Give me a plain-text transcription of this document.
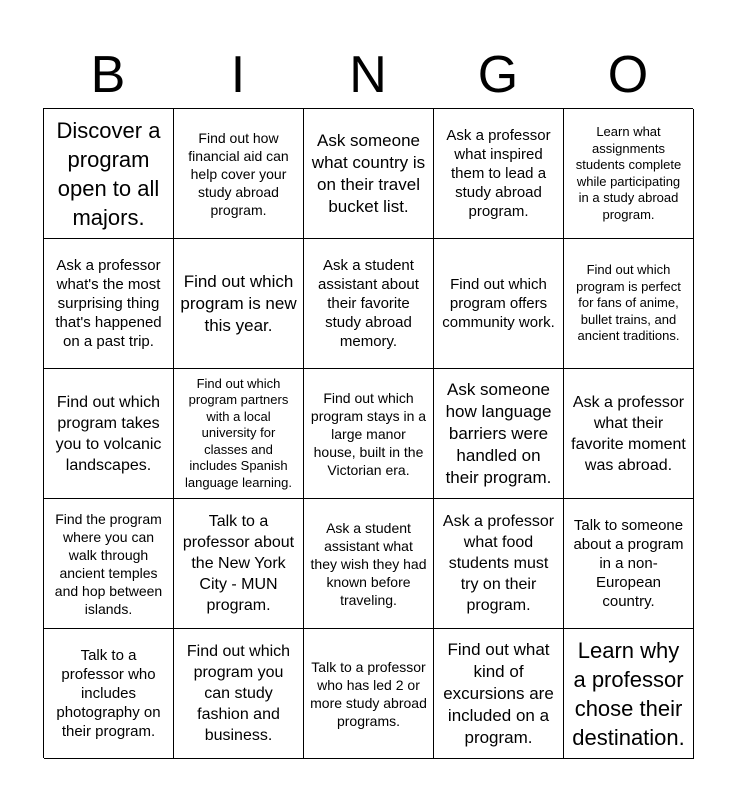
B	I	N	G	O
Discover a program open to all majors.
Find out how financial aid can help cover your study abroad program.
Ask someone what country is on their travel bucket list.
Ask a professor what inspired them to lead a study abroad program.
Learn what assignments students complete while participating in a study abroad program.
Ask a professor what's the most surprising thing that's happened on a past trip.
Find out which program is new this year.
Ask a student assistant about their favorite study abroad memory.
Find out which program offers community work.
Find out which program is perfect for fans of anime, bullet trains, and ancient traditions.
Find out which program takes you to volcanic landscapes.
Find out which program partners with a local university for classes and includes Spanish language learning.
Find out which program stays in a large manor house, built in the Victorian era.
Ask someone how language barriers were handled on their program.
Ask a professor what their favorite moment was abroad.
Find the program where you can walk through ancient temples and hop between islands.
Talk to a professor about the New York City - MUN program.
Ask a student assistant what they wish they had known before traveling.
Ask a professor what food students must try on their program.
Talk to someone about a program in a non-European country.
Talk to a professor who includes photography on their program.
Find out which program you can study fashion and business.
Talk to a professor who has led 2 or more study abroad programs.
Find out what kind of excursions are included on a program.
Learn why a professor chose their destination.
